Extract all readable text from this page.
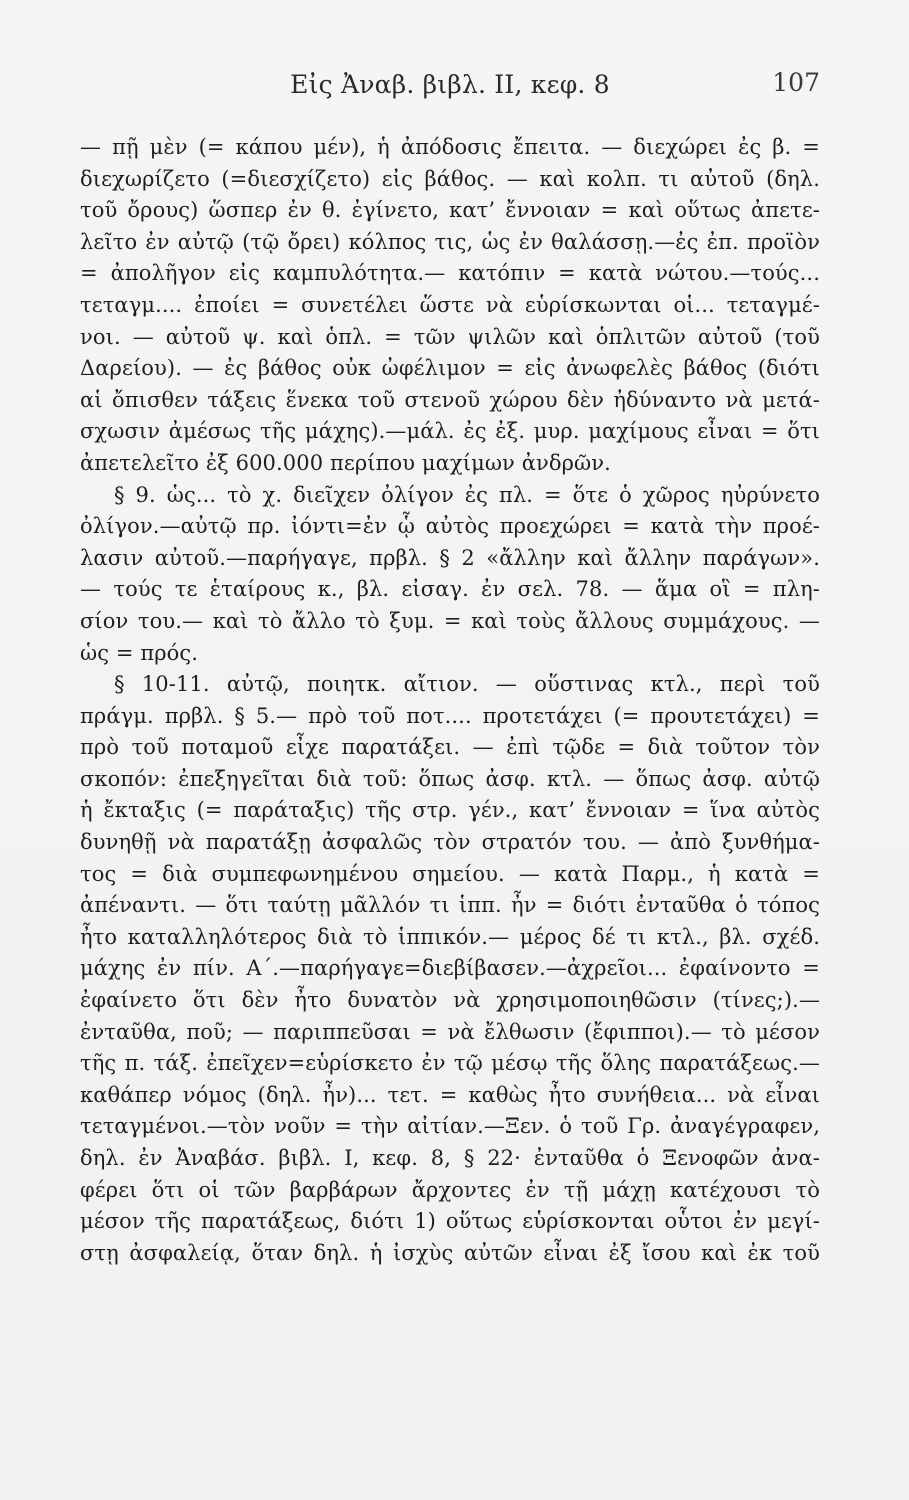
Εἰς Ἀναβ. βιβλ. II, κεφ. 8	107
— πῇ μὲν (= κάπου μέν), ἡ ἀπόδοσις ἔπειτα. — διεχώρει ἐς β. =
διεχωρίζετο (=διεσχίζετο) εἰς βάθος. — καὶ κολπ. τι αὐτοῦ (δηλ.
τοῦ ὄρους) ὥσπερ ἐν θ. ἐγίνετο, κατ’ ἔννοιαν = καὶ οὕτως ἀπετε-
λεῖτο ἐν αὐτῷ (τῷ ὄρει) κόλπος τις, ὡς ἐν θαλάσσῃ.—ἐς ἐπ. προϊὸν
= ἀπολῆγον εἰς καμπυλότητα.— κατόπιν = κατὰ νώτου.—τούς...
τεταγμ.... ἐποίει = συνετέλει ὥστε νὰ εὑρίσκωνται οἱ... τεταγμέ-
νοι. — αὐτοῦ ψ. καὶ ὁπλ. = τῶν ψιλῶν καὶ ὁπλιτῶν αὐτοῦ (τοῦ
Δαρείου). — ἐς βάθος οὐκ ὠφέλιμον = εἰς ἀνωφελὲς βάθος (διότι
αἱ ὄπισθεν τάξεις ἕνεκα τοῦ στενοῦ χώρου δὲν ἠδύναντο νὰ μετά-
σχωσιν ἀμέσως τῆς μάχης).—μάλ. ἐς ἐξ. μυρ. μαχίμους εἶναι = ὅτι
ἀπετελεῖτο ἐξ 600.000 περίπου μαχίμων ἀνδρῶν.
§ 9. ὡς... τὸ χ. διεῖχεν ὀλίγον ἐς πλ. = ὅτε ὁ χῶρος ηὐρύνετο
ὀλίγον.—αὐτῷ πρ. ἰόντι=ἐν ᾧ αὐτὸς προεχώρει = κατὰ τὴν προέ-
λασιν αὐτοῦ.—παρήγαγε, πρβλ. § 2 «ἄλλην καὶ ἄλλην παράγων».
— τούς τε ἑταίρους κ., βλ. εἰσαγ. ἐν σελ. 78. — ἅμα οἳ = πλη-
σίον του.— καὶ τὸ ἄλλο τὸ ξυμ. = καὶ τοὺς ἄλλους συμμάχους. —
ὡς = πρός.
§ 10-11. αὐτῷ, ποιητκ. αἴτιον. — οὕστινας κτλ., περὶ τοῦ
πράγμ. πρβλ. § 5.— πρὸ τοῦ ποτ.... προτετάχει (= προυτετάχει) =
πρὸ τοῦ ποταμοῦ εἶχε παρατάξει. — ἐπὶ τῷδε = διὰ τοῦτον τὸν
σκοπόν: ἐπεξηγεῖται διὰ τοῦ: ὅπως ἀσφ. κτλ. — ὅπως ἀσφ. αὐτῷ
ἡ ἔκταξις (= παράταξις) τῆς στρ. γέν., κατ’ ἔννοιαν = ἵνα αὐτὸς
δυνηθῇ νὰ παρατάξῃ ἀσφαλῶς τὸν στρατόν του. — ἀπὸ ξυνθήμα-
τος = διὰ συμπεφωνημένου σημείου. — κατὰ Παρμ., ἡ κατὰ =
ἀπέναντι. — ὅτι ταύτῃ μᾶλλόν τι ἱππ. ἦν = διότι ἐνταῦθα ὁ τόπος
ἦτο καταλληλότερος διὰ τὸ ἱππικόν.— μέρος δέ τι κτλ., βλ. σχέδ.
μάχης ἐν πίν. Α΄.—παρήγαγε=διεβίβασεν.—ἀχρεῖοι... ἐφαίνοντο =
ἐφαίνετο ὅτι δὲν ἦτο δυνατὸν νὰ χρησιμοποιηθῶσιν (τίνες;).—
ἐνταῦθα, ποῦ; — παριππεῦσαι = νὰ ἔλθωσιν (ἔφιπποι).— τὸ μέσον
τῆς π. τάξ. ἐπεῖχεν=εὑρίσκετο ἐν τῷ μέσῳ τῆς ὅλης παρατάξεως.—
καθάπερ νόμος (δηλ. ἦν)... τετ. = καθὼς ἦτο συνήθεια... νὰ εἶναι
τεταγμένοι.—τὸν νοῦν = τὴν αἰτίαν.—Ξεν. ὁ τοῦ Γρ. ἀναγέγραφεν,
δηλ. ἐν Ἀναβάσ. βιβλ. I, κεφ. 8, § 22· ἐνταῦθα ὁ Ξενοφῶν ἀνα-
φέρει ὅτι οἱ τῶν βαρβάρων ἄρχοντες ἐν τῇ μάχῃ κατέχουσι τὸ
μέσον τῆς παρατάξεως, διότι 1) οὕτως εὑρίσκονται οὗτοι ἐν μεγί-
στῃ ἀσφαλείᾳ, ὅταν δηλ. ἡ ἰσχὺς αὐτῶν εἶναι ἐξ ἴσου καὶ ἐκ τοῦ
